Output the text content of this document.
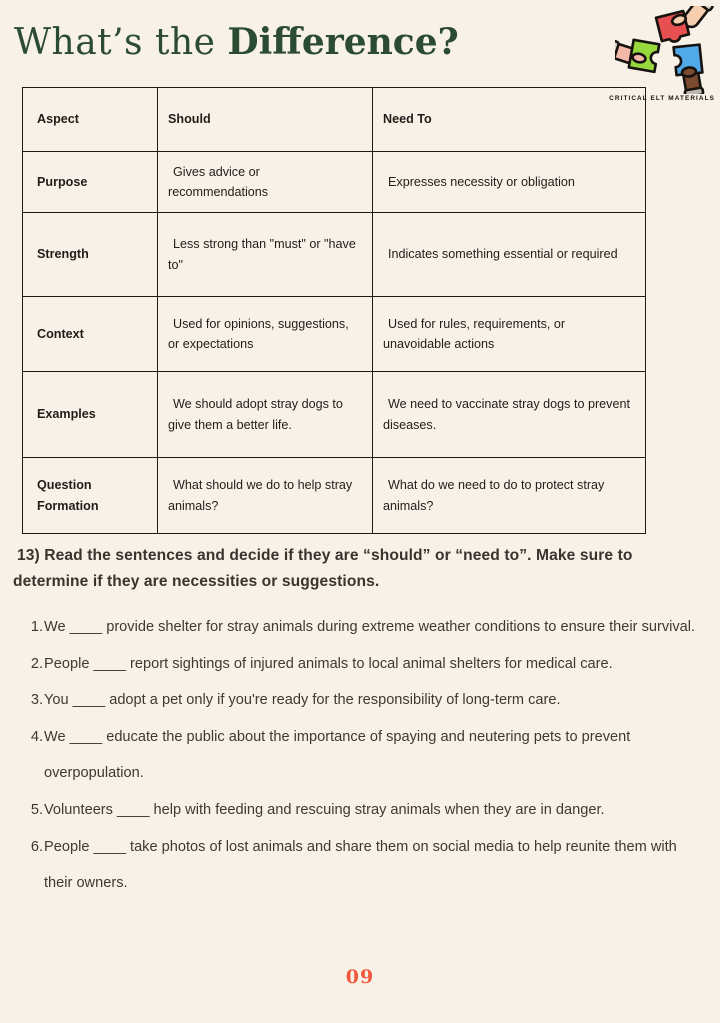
What’s the Difference?
CRITICAL ELT MATERIALS
Aspect	Should	Need To
Purpose	Gives advice or recommendations	Expresses necessity or obligation
Strength	Less strong than "must" or "have to"	Indicates something essential or required
Context	Used for opinions, suggestions, or expectations	Used for rules, requirements, or unavoidable actions
Examples	We should adopt stray dogs to give them a better life.	We need to vaccinate stray dogs to prevent diseases.
Question Formation	What should we do to help stray animals?	What do we need to do to protect stray animals?

13) Read the sentences and decide if they are “should” or “need to”. Make sure to determine if they are necessities or suggestions.

1. We ____ provide shelter for stray animals during extreme weather conditions to ensure their survival.
2. People ____ report sightings of injured animals to local animal shelters for medical care.
3. You ____ adopt a pet only if you're ready for the responsibility of long-term care.
4. We ____ educate the public about the importance of spaying and neutering pets to prevent overpopulation.
5. Volunteers ____ help with feeding and rescuing stray animals when they are in danger.
6. People ____ take photos of lost animals and share them on social media to help reunite them with their owners.
09
